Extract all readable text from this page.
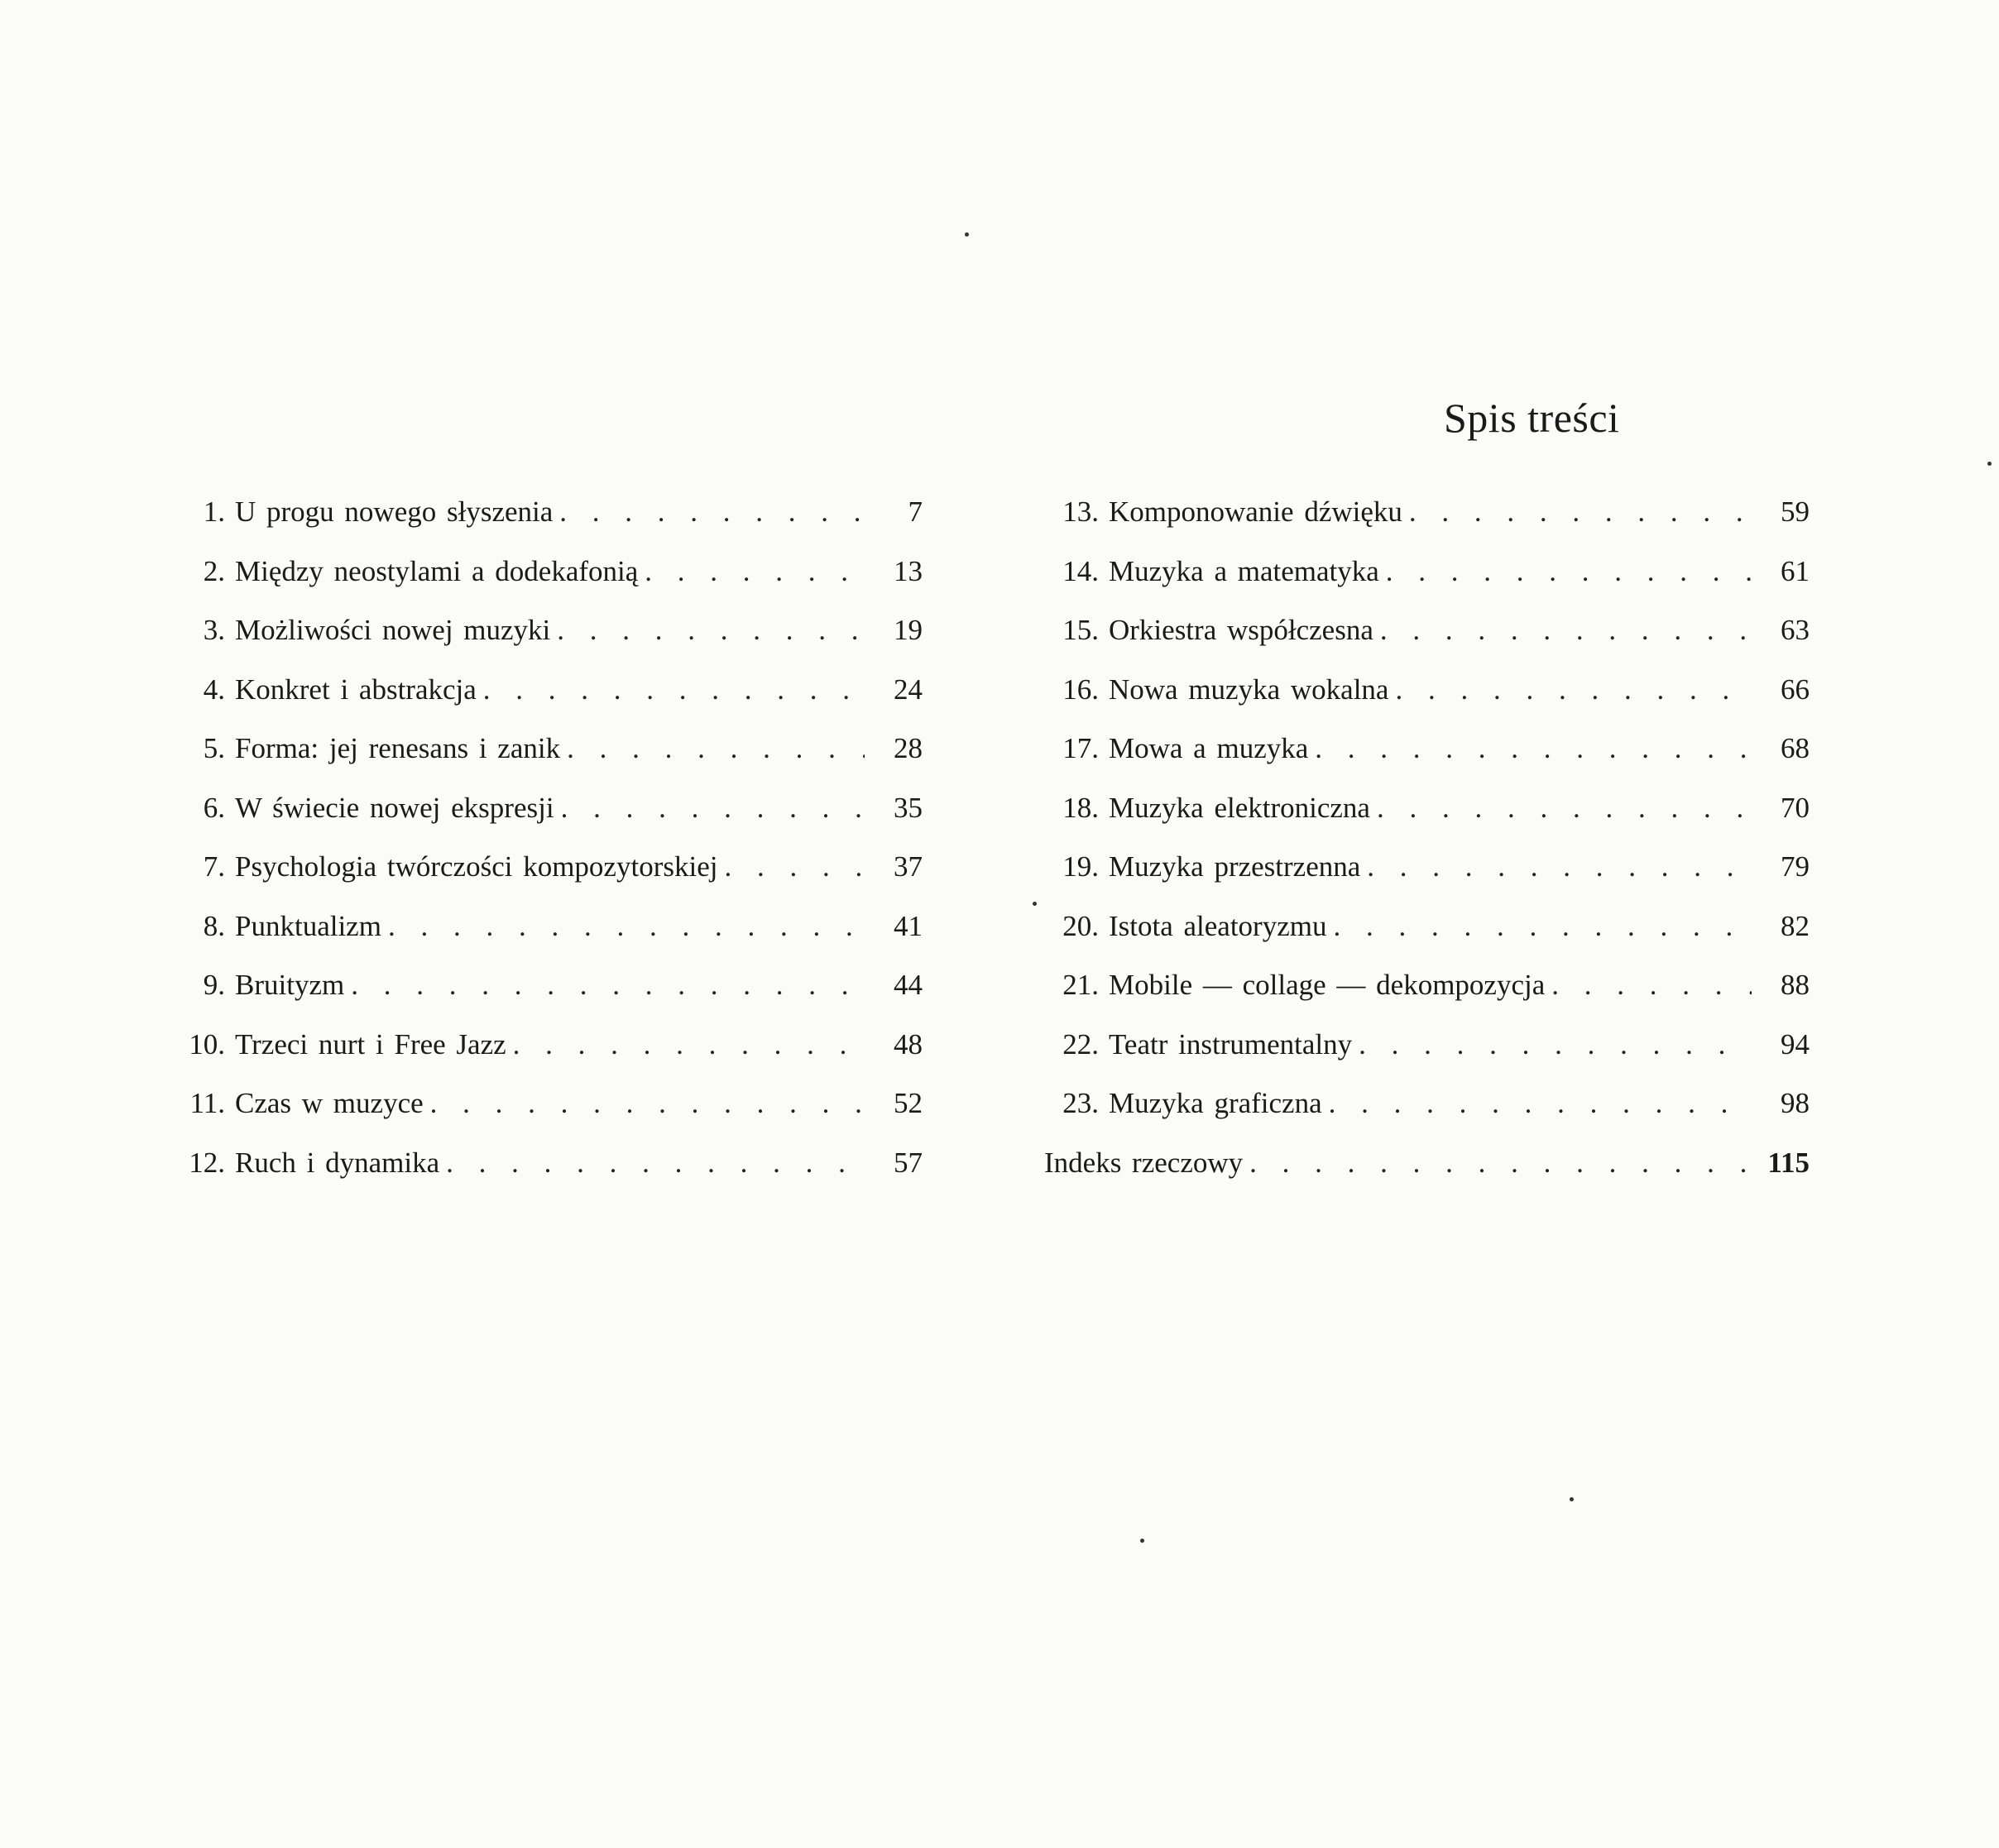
Spis treści
1. U progu nowego słyszenia . . .	7
2. Między neostylami a dodekafonią . . .	13
3. Możliwości nowej muzyki . . .	19
4. Konkret i abstrakcja . . .	24
5. Forma: jej renesans i zanik . . .	28
6. W świecie nowej ekspresji . . .	35
7. Psychologia twórczości kompozytorskiej . . .	37
8. Punktualizm . . .	41
9. Bruityzm . . .	44
10. Trzeci nurt i Free Jazz . . .	48
11. Czas w muzyce . . .	52
12. Ruch i dynamika . . .	57
13. Komponowanie dźwięku . . .	59
14. Muzyka a matematyka . . .	61
15. Orkiestra współczesna . . .	63
16. Nowa muzyka wokalna . . .	66
17. Mowa a muzyka . . .	68
18. Muzyka elektroniczna . . .	70
19. Muzyka przestrzenna . . .	79
20. Istota aleatoryzmu . . .	82
21. Mobile — collage — dekompozycja . . .	88
22. Teatr instrumentalny . . .	94
23. Muzyka graficzna . . .	98
Indeks rzeczowy . . .	115
